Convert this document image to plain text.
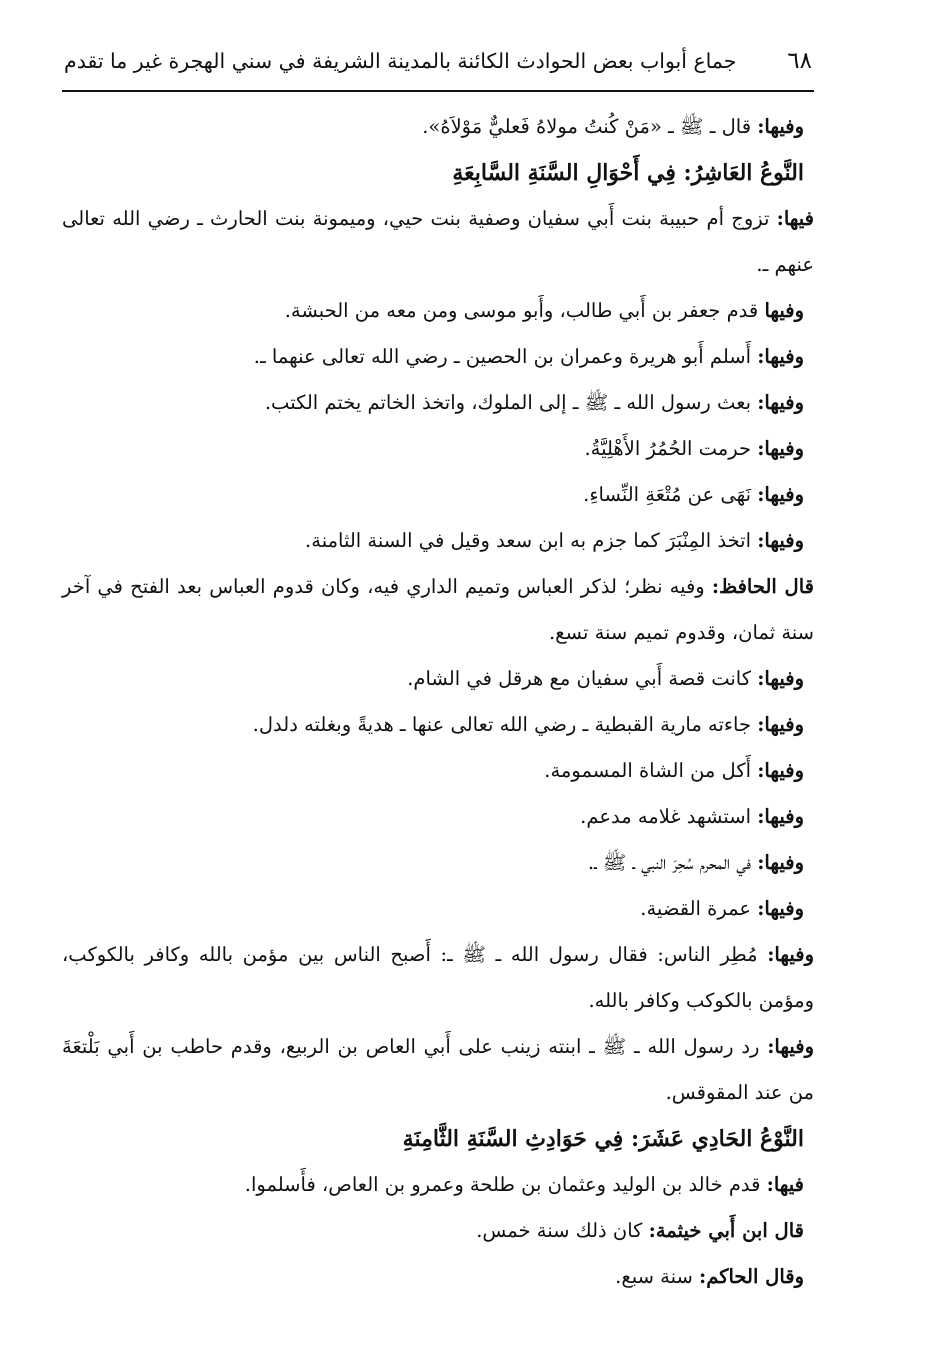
٦٨
جماع أبواب بعض الحوادث الكائنة بالمدينة الشريفة في سني الهجرة غير ما تقدم

وفيها: قال ـ ﷺ ـ «مَنْ كُنتُ مولاهُ فَعليٌّ مَوْلاَهُ».

النَّوعُ العَاشِرُ: فِي أَحْوَالِ السَّنَةِ السَّابِعَةِ

فيها: تزوج أم حبيبة بنت أَبي سفيان وصفية بنت حيي، وميمونة بنت الحارث ـ رضي الله تعالى عنهم ـ.

وفيها قدم جعفر بن أَبي طالب، وأَبو موسى ومن معه من الحبشة.

وفيها: أَسلم أَبو هريرة وعمران بن الحصين ـ رضي الله تعالى عنهما ـ.

وفيها: بعث رسول الله ـ ﷺ ـ إلى الملوك، واتخذ الخاتم يختم الكتب.

وفيها: حرمت الحُمُرُ الأَهْلِيَّةُ.

وفيها: نَهَى عن مُتْعَةِ النِّساءِ.

وفيها: اتخذ المِنْبَرَ كما جزم به ابن سعد وقيل في السنة الثامنة.

قال الحافظ: وفيه نظر؛ لذكر العباس وتميم الداري فيه، وكان قدوم العباس بعد الفتح في آخر سنة ثمان، وقدوم تميم سنة تسع.

وفيها: كانت قصة أَبي سفيان مع هرقل في الشام.

وفيها: جاءته مارية القبطية ـ رضي الله تعالى عنها ـ هديةً وبغلته دلدل.

وفيها: أَكل من الشاة المسمومة.

وفيها: استشهد غلامه مدعم.

وفيها: في المحرم سُحِرَ النبي ـ ﷺ ـ.

وفيها: عمرة القضية.

وفيها: مُطِر الناس: فقال رسول الله ـ ﷺ ـ: أَصبح الناس بين مؤمن بالله وكافر بالكوكب، ومؤمن بالكوكب وكافر بالله.

وفيها: رد رسول الله ـ ﷺ ـ ابنته زينب على أَبي العاص بن الربيع، وقدم حاطب بن أَبي بَلْتعَةَ من عند المقوقس.

النَّوْعُ الحَادِي عَشَرَ: فِي حَوَادِثِ السَّنَةِ الثَّامِنَةِ

فيها: قدم خالد بن الوليد وعثمان بن طلحة وعمرو بن العاص، فأَسلموا.

قال ابن أَبي خيثمة: كان ذلك سنة خمس.

وقال الحاكم: سنة سبع.
